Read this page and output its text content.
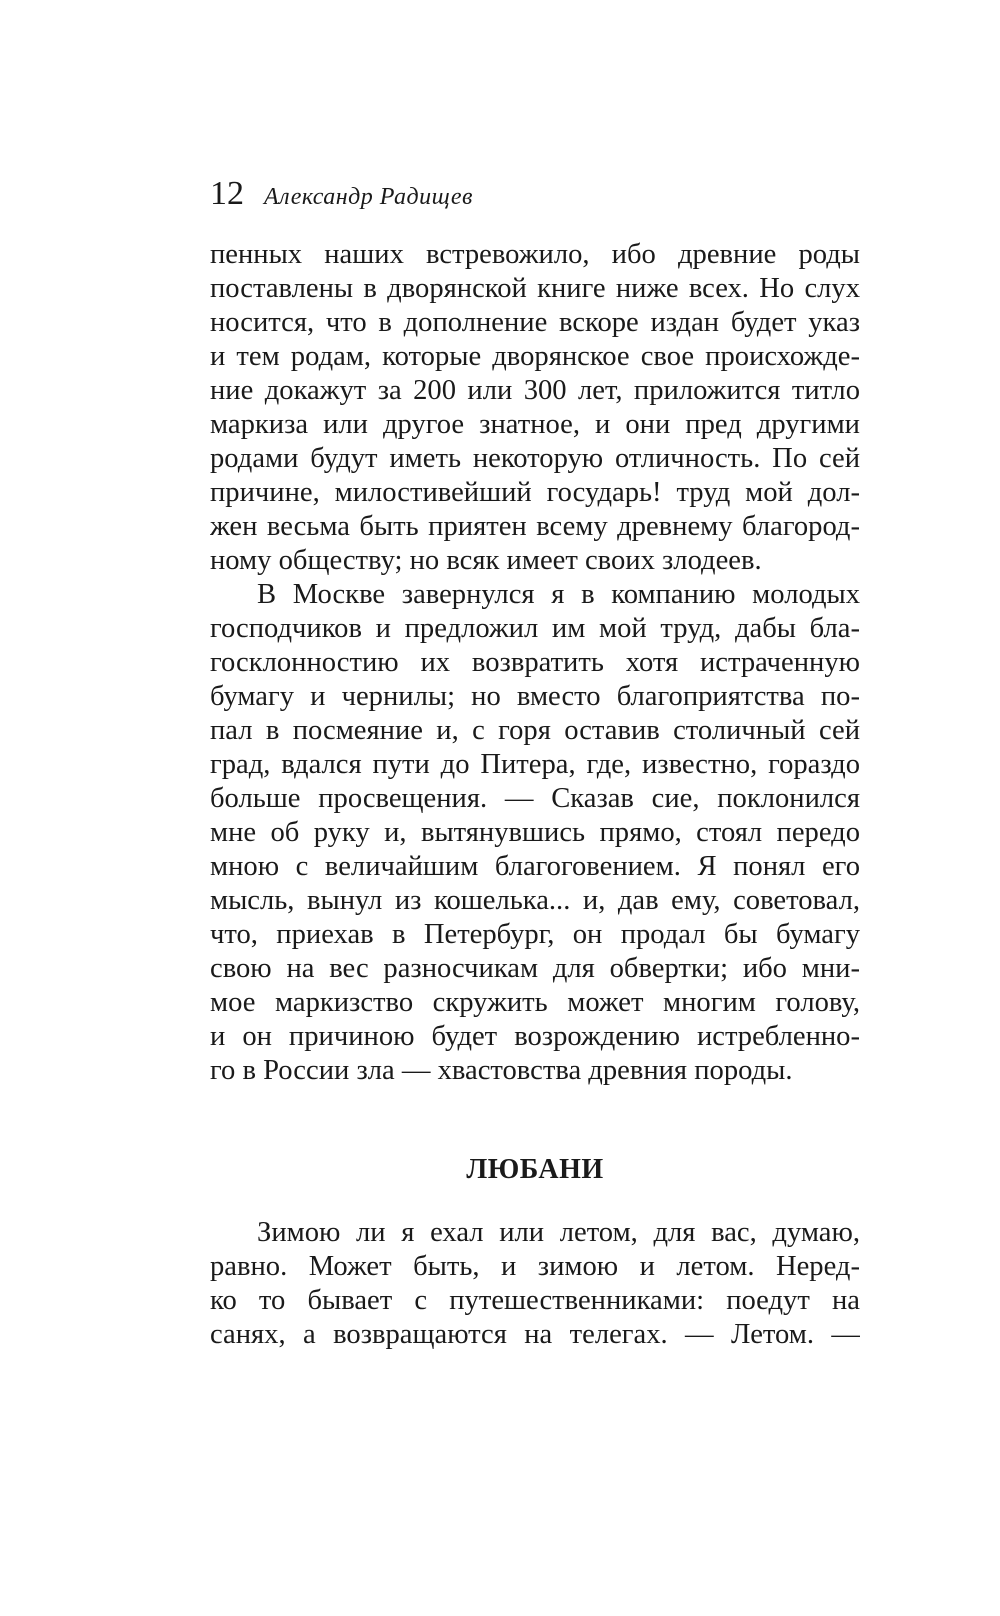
12 Александр Радищев
пенных наших встревожило, ибо древние роды
поставлены в дворянской книге ниже всех. Но слух
носится, что в дополнение вскоре издан будет указ
и тем родам, которые дворянское свое происхожде-
ние докажут за 200 или 300 лет, приложится титло
маркиза или другое знатное, и они пред другими
родами будут иметь некоторую отличность. По сей
причине, милостивейший государь! труд мой дол-
жен весьма быть приятен всему древнему благород-
ному обществу; но всяк имеет своих злодеев.
В Москве завернулся я в компанию молодых
господчиков и предложил им мой труд, дабы бла-
госклонностию их возвратить хотя истраченную
бумагу и чернилы; но вместо благоприятства по-
пал в посмеяние и, с горя оставив столичный сей
град, вдался пути до Питера, где, известно, гораздо
больше просвещения. — Сказав сие, поклонился
мне об руку и, вытянувшись прямо, стоял передо
мною с величайшим благоговением. Я понял его
мысль, вынул из кошелька... и, дав ему, советовал,
что, приехав в Петербург, он продал бы бумагу
свою на вес разносчикам для обвертки; ибо мни-
мое маркизство скружить может многим голову,
и он причиною будет возрождению истребленно-
го в России зла — хвастовства древния породы.
ЛЮБАНИ
Зимою ли я ехал или летом, для вас, думаю,
равно. Может быть, и зимою и летом. Неред-
ко то бывает с путешественниками: поедут на
санях, а возвращаются на телегах. — Летом. —
